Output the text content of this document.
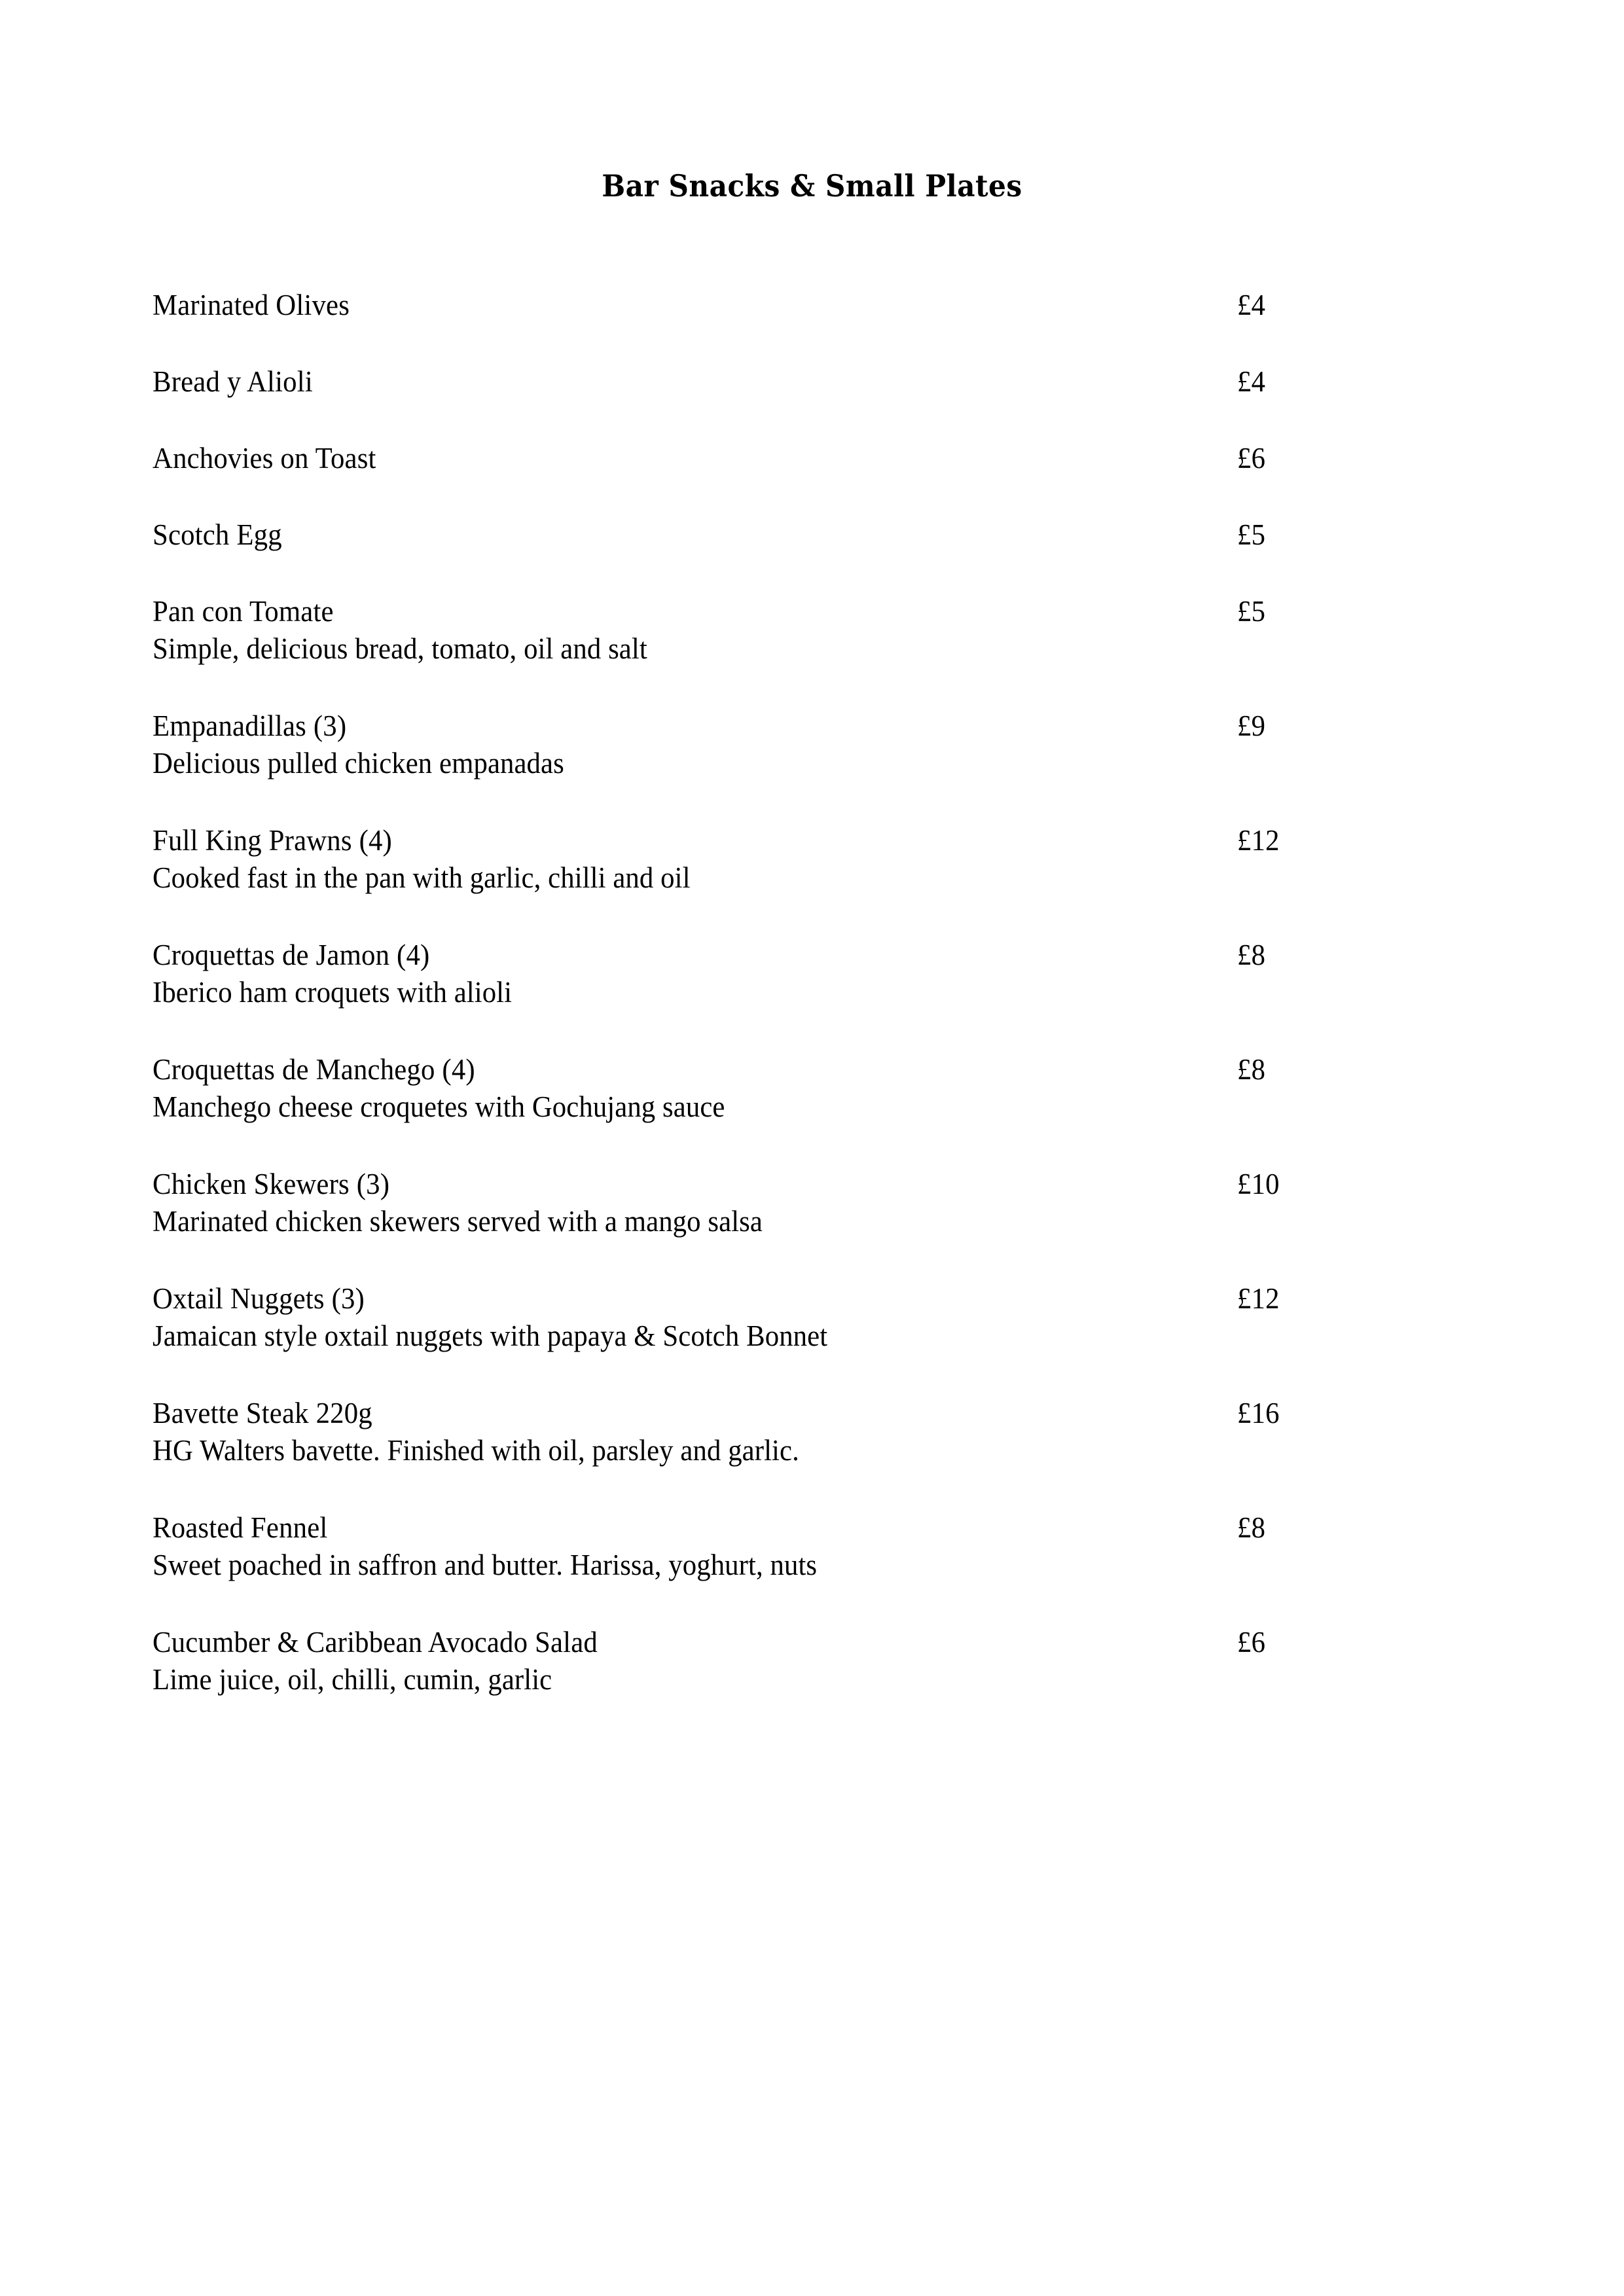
Bar Snacks & Small Plates
Marinated Olives	£4
Bread y Alioli	£4
Anchovies on Toast	£6
Scotch Egg	£5
Pan con Tomate	£5
Simple, delicious bread, tomato, oil and salt
Empanadillas (3)	£9
Delicious pulled chicken empanadas
Full King Prawns (4)	£12
Cooked fast in the pan with garlic, chilli and oil
Croquettas de Jamon (4)	£8
Iberico ham croquets with alioli
Croquettas de Manchego (4)	£8
Manchego cheese croquetes with Gochujang sauce
Chicken Skewers (3)	£10
Marinated chicken skewers served with a mango salsa
Oxtail Nuggets (3)	£12
Jamaican style oxtail nuggets with papaya & Scotch Bonnet
Bavette Steak 220g	£16
HG Walters bavette. Finished with oil, parsley and garlic.
Roasted Fennel	£8
Sweet poached in saffron and butter. Harissa, yoghurt, nuts
Cucumber & Caribbean Avocado Salad	£6
Lime juice, oil, chilli, cumin, garlic
